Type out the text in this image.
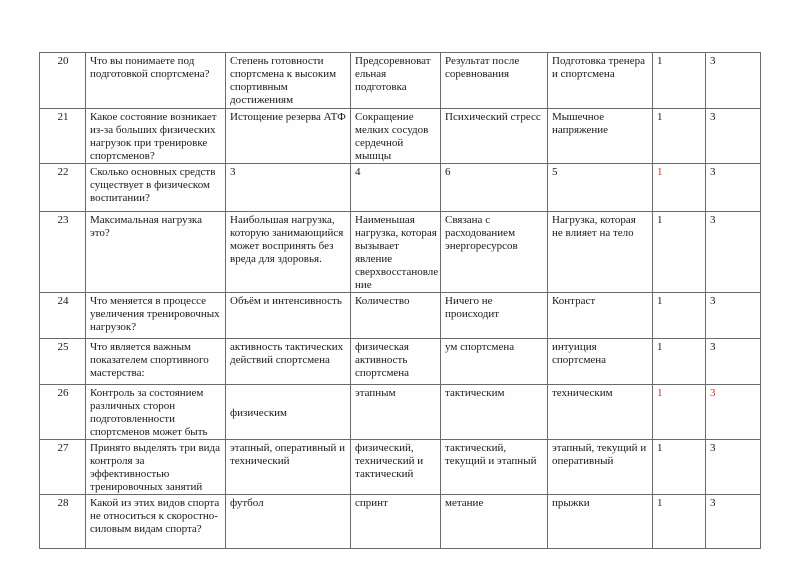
20	Что вы понимаете под подготовкой спортсмена?	Степень готовности спортсмена к высоким спортивным достижениям	Предсоревноват ельная подготовка	Результат после соревнования	Подготовка тренера и спортсмена	1	3
21	Какое состояние возникает из-за больших физических нагрузок при тренировке спортсменов?	Истощение резерва АТФ	Сокращение мелких сосудов сердечной мышцы	Психический стресс	Мышечное напряжение	1	3
22	Сколько основных средств существует в физическом воспитании?	3	4	6	5	1	3
23	Максимальная нагрузка это?	Наибольшая нагрузка, которую занимающийся может воспринять без вреда для здоровья.	Наименьшая нагрузка, которая вызывает явление сверхвосстановле ние	Связана с расходованием энергоресурсов	Нагрузка, которая не влияет на тело	1	3
24	Что меняется в процессе увеличения тренировочных нагрузок?	Объём и интенсивность	Количество	Ничего не происходит	Контраст	1	3
25	Что является важным показателем спортивного мастерства:	активность тактических действий спортсмена	физическая активность спортсмена	ум спортсмена	интуиция спортсмена	1	3
26	Контроль за состоянием различных сторон подготовленности спортсменов может быть	физическим	этапным	тактическим	техническим	1	3
27	Принято выделять три вида контроля за эффективностью тренировочных занятий	этапный, оперативный и технический	физический, технический и тактический	тактический, текущий и этапный	этапный, текущий и оперативный	1	3
28	Какой из этих видов спорта не относиться к скоростно-силовым видам спорта?	футбол	спринт	метание	прыжки	1	3
